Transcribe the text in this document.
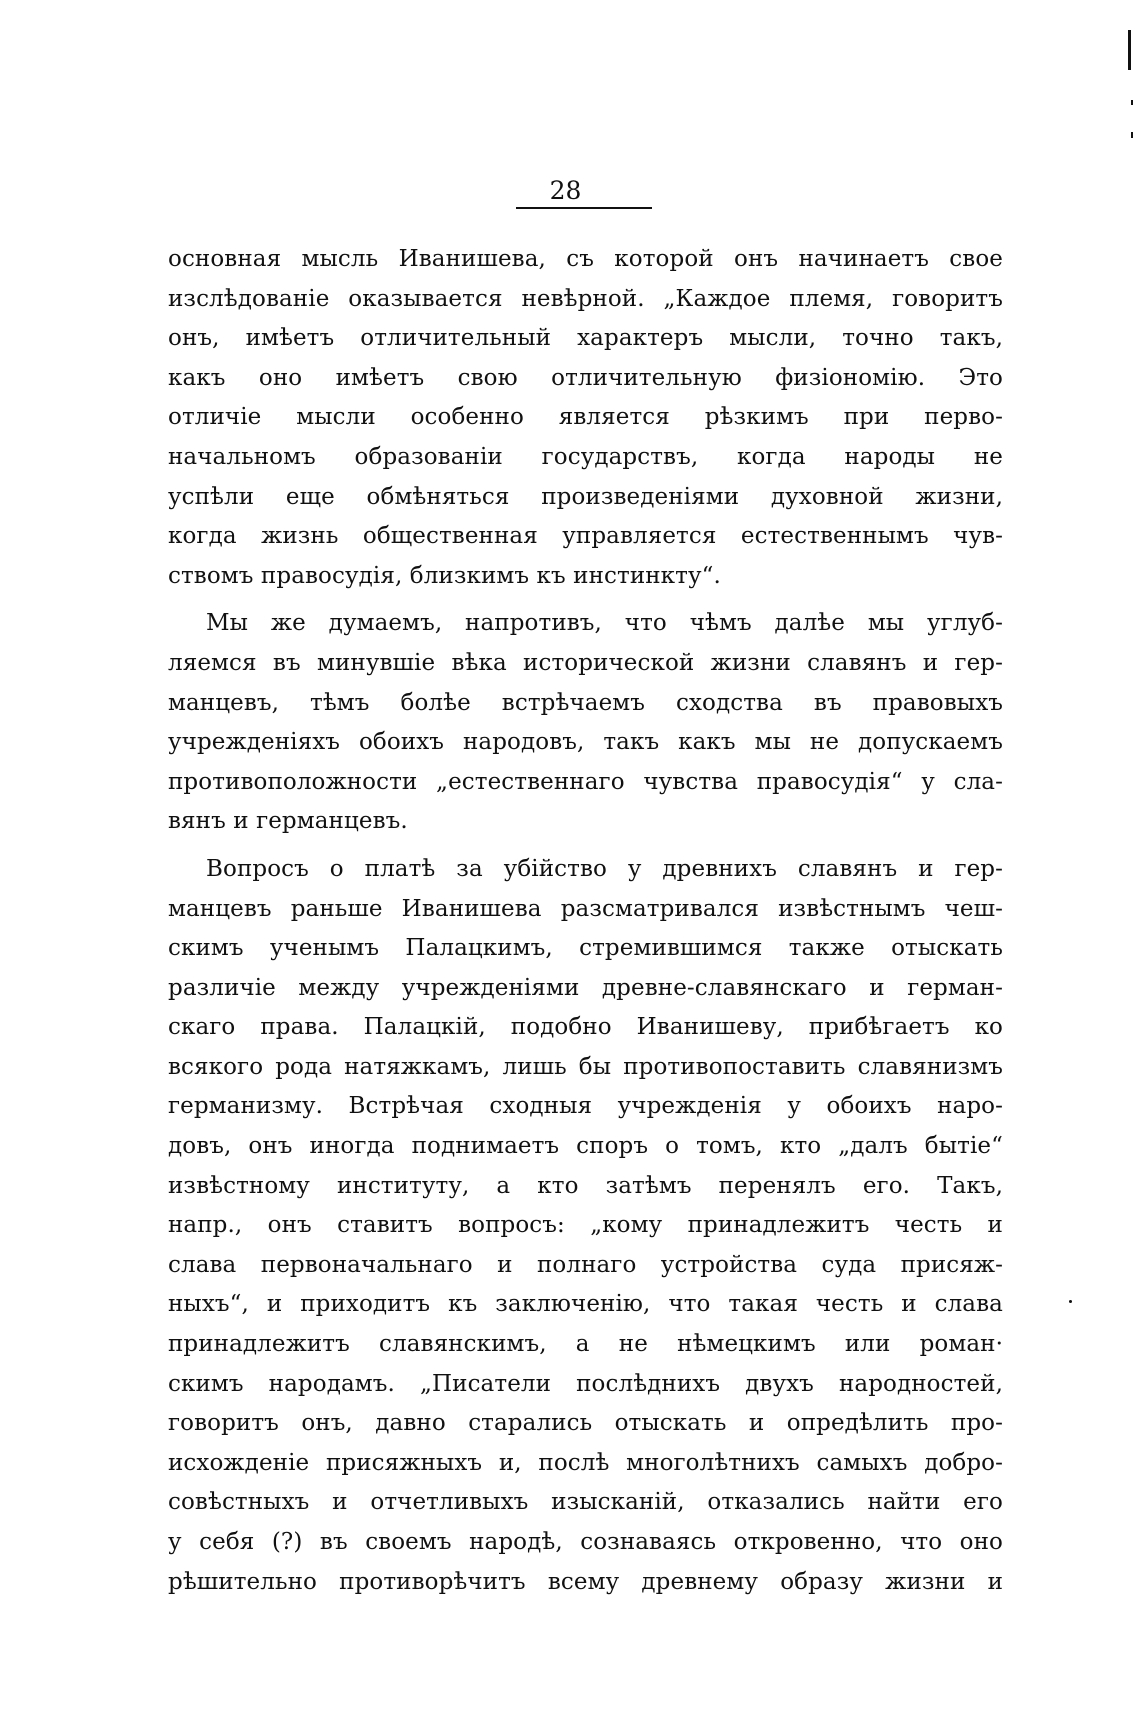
28
основная мысль Иванишева, съ которой онъ начинаетъ свое
изслѣдованіе оказывается невѣрной. „Каждое племя, говоритъ
онъ, имѣетъ отличительный характеръ мысли, точно такъ,
какъ оно имѣетъ свою отличительную физіономію. Это
отличіе мысли особенно является рѣзкимъ при перво-
начальномъ образованіи государствъ, когда народы не
успѣли еще обмѣняться произведеніями духовной жизни,
когда жизнь общественная управляется естественнымъ чув-
ствомъ правосудія, близкимъ къ инстинкту“.
Мы же думаемъ, напротивъ, что чѣмъ далѣе мы углуб-
ляемся въ минувшіе вѣка исторической жизни славянъ и гер-
манцевъ, тѣмъ болѣе встрѣчаемъ сходства въ правовыхъ
учрежденіяхъ обоихъ народовъ, такъ какъ мы не допускаемъ
противоположности „естественнаго чувства правосудія“ у сла-
вянъ и германцевъ.
Вопросъ о платѣ за убійство у древнихъ славянъ и гер-
манцевъ раньше Иванишева разсматривался извѣстнымъ чеш-
скимъ ученымъ Палацкимъ, стремившимся также отыскать
различіе между учрежденіями древне-славянскаго и герман-
скаго права. Палацкій, подобно Иванишеву, прибѣгаетъ ко
всякого рода натяжкамъ, лишь бы противопоставить славянизмъ
германизму. Встрѣчая сходныя учрежденія у обоихъ наро-
довъ, онъ иногда поднимаетъ споръ о томъ, кто „далъ бытіе“
извѣстному институту, а кто затѣмъ перенялъ его. Такъ,
напр., онъ ставитъ вопросъ: „кому принадлежитъ честь и
слава первоначальнаго и полнаго устройства суда присяж-
ныхъ“, и приходитъ къ заключенію, что такая честь и слава
принадлежитъ славянскимъ, а не нѣмецкимъ или роман·
скимъ народамъ. „Писатели послѣднихъ двухъ народностей,
говоритъ онъ, давно старались отыскать и опредѣлить про-
исхожденіе присяжныхъ и, послѣ многолѣтнихъ самыхъ добро-
совѣстныхъ и отчетливыхъ изысканій, отказались найти его
у себя (?) въ своемъ народѣ, сознаваясь откровенно, что оно
рѣшительно противорѣчитъ всему древнему образу жизни и
